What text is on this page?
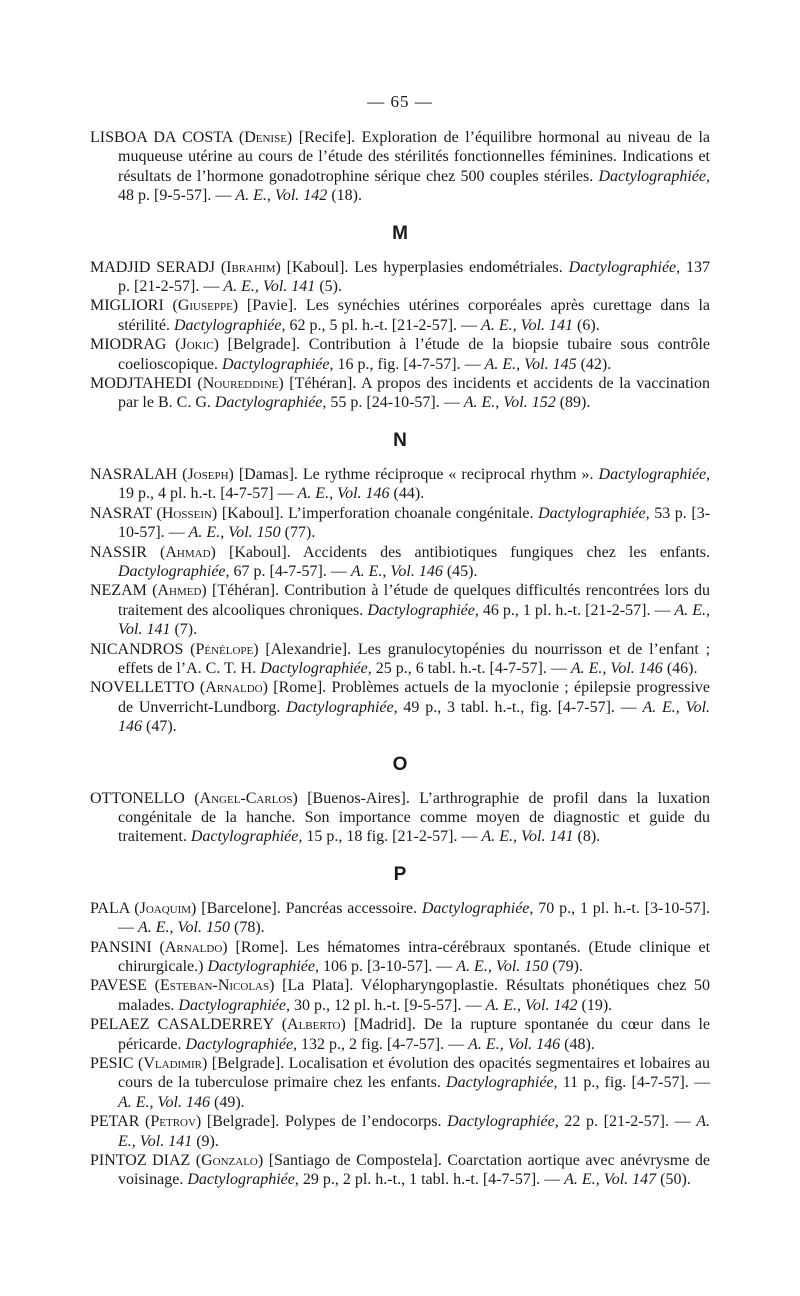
— 65 —

LISBOA DA COSTA (Denise) [Recife]. Exploration de l’équilibre hormonal au niveau de la muqueuse utérine au cours de l’étude des stérilités fonctionnelles féminines. Indications et résultats de l’hormone gonadotrophine sérique chez 500 couples stériles. Dactylographiée, 48 p. [9-5-57]. — A. E., Vol. 142 (18).

M

MADJID SERADJ (Ibrahim) [Kaboul]. Les hyperplasies endométriales. Dactylographiée, 137 p. [21-2-57]. — A. E., Vol. 141 (5).

MIGLIORI (Giuseppe) [Pavie]. Les synéchies utérines corporéales après curettage dans la stérilité. Dactylographiée, 62 p., 5 pl. h.-t. [21-2-57]. — A. E., Vol. 141 (6).

MIODRAG (Jokic) [Belgrade]. Contribution à l’étude de la biopsie tubaire sous contrôle coelioscopique. Dactylographiée, 16 p., fig. [4-7-57]. — A. E., Vol. 145 (42).

MODJTAHEDI (Noureddine) [Téhéran]. A propos des incidents et accidents de la vaccination par le B. C. G. Dactylographiée, 55 p. [24-10-57]. — A. E., Vol. 152 (89).

N

NASRALAH (Joseph) [Damas]. Le rythme réciproque « reciprocal rhythm ». Dactylographiée, 19 p., 4 pl. h.-t. [4-7-57] — A. E., Vol. 146 (44).

NASRAT (Hossein) [Kaboul]. L’imperforation choanale congénitale. Dactylographiée, 53 p. [3-10-57]. — A. E., Vol. 150 (77).

NASSIR (Ahmad) [Kaboul]. Accidents des antibiotiques fungiques chez les enfants. Dactylographiée, 67 p. [4-7-57]. — A. E., Vol. 146 (45).

NEZAM (Ahmed) [Téhéran]. Contribution à l’étude de quelques difficultés rencontrées lors du traitement des alcooliques chroniques. Dactylographiée, 46 p., 1 pl. h.-t. [21-2-57]. — A. E., Vol. 141 (7).

NICANDROS (Pénélope) [Alexandrie]. Les granulocytopénies du nourrisson et de l’enfant ; effets de l’A. C. T. H. Dactylographiée, 25 p., 6 tabl. h.-t. [4-7-57]. — A. E., Vol. 146 (46).

NOVELLETTO (Arnaldo) [Rome]. Problèmes actuels de la myoclonie ; épilepsie progressive de Unverricht-Lundborg. Dactylographiée, 49 p., 3 tabl. h.-t., fig. [4-7-57]. — A. E., Vol. 146 (47).

O

OTTONELLO (Angel-Carlos) [Buenos-Aires]. L’arthrographie de profil dans la luxation congénitale de la hanche. Son importance comme moyen de diagnostic et guide du traitement. Dactylographiée, 15 p., 18 fig. [21-2-57]. — A. E., Vol. 141 (8).

P

PALA (Joaquim) [Barcelone]. Pancréas accessoire. Dactylographiée, 70 p., 1 pl. h.-t. [3-10-57]. — A. E., Vol. 150 (78).

PANSINI (Arnaldo) [Rome]. Les hématomes intra-cérébraux spontanés. (Etude clinique et chirurgicale.) Dactylographiée, 106 p. [3-10-57]. — A. E., Vol. 150 (79).

PAVESE (Esteban-Nicolas) [La Plata]. Vélopharyngoplastie. Résultats phonétiques chez 50 malades. Dactylographiée, 30 p., 12 pl. h.-t. [9-5-57]. — A. E., Vol. 142 (19).

PELAEZ CASALDERREY (Alberto) [Madrid]. De la rupture spontanée du cœur dans le péricarde. Dactylographiée, 132 p., 2 fig. [4-7-57]. — A. E., Vol. 146 (48).

PESIC (Vladimir) [Belgrade]. Localisation et évolution des opacités segmentaires et lobaires au cours de la tuberculose primaire chez les enfants. Dactylographiée, 11 p., fig. [4-7-57]. — A. E., Vol. 146 (49).

PETAR (Petrov) [Belgrade]. Polypes de l’endocorps. Dactylographiée, 22 p. [21-2-57]. — A. E., Vol. 141 (9).

PINTOZ DIAZ (Gonzalo) [Santiago de Compostela]. Coarctation aortique avec anévrysme de voisinage. Dactylographiée, 29 p., 2 pl. h.-t., 1 tabl. h.-t. [4-7-57]. — A. E., Vol. 147 (50).
